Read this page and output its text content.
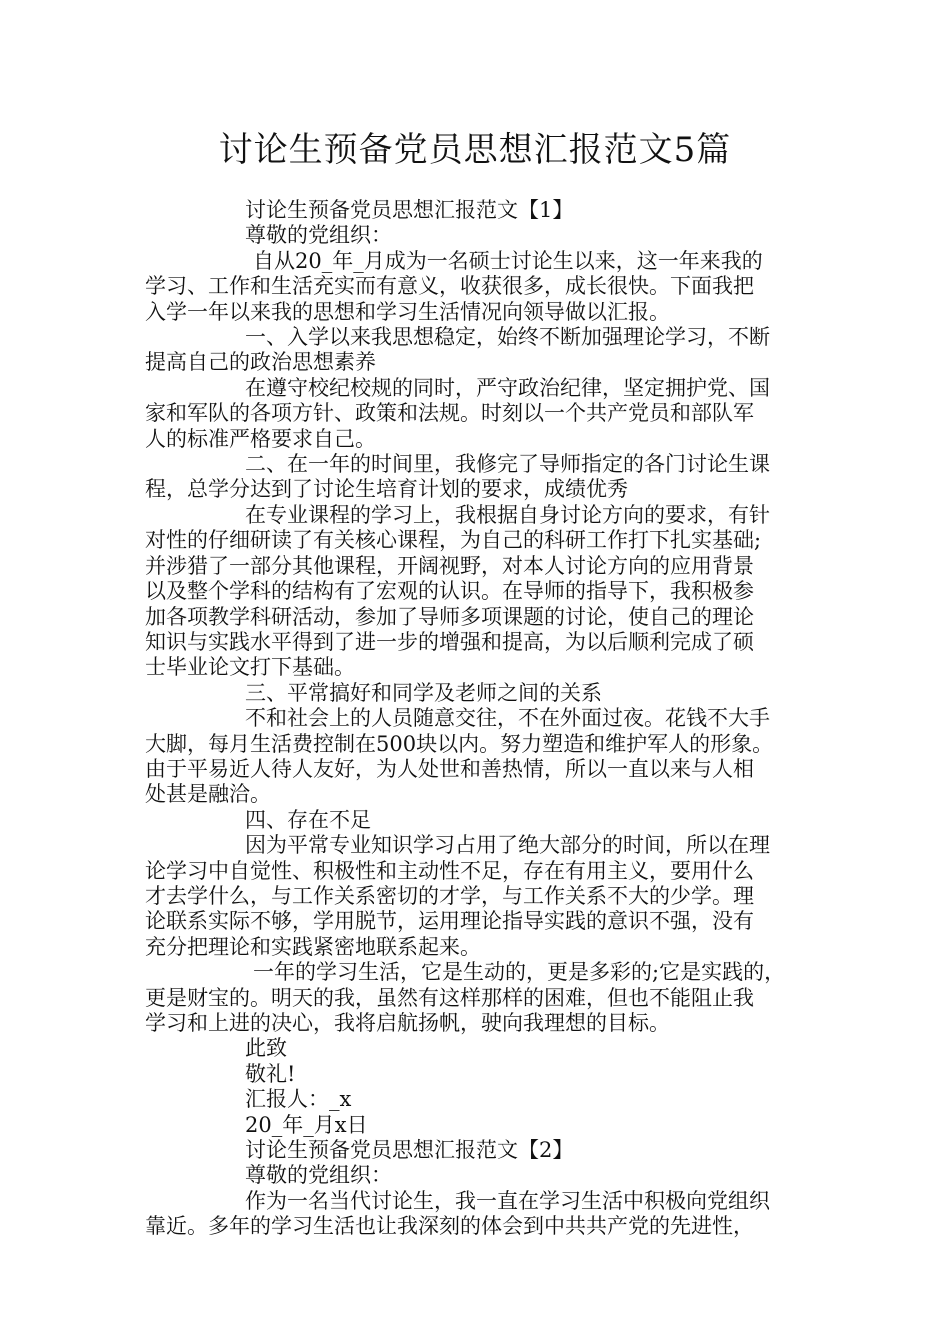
讨论生预备党员思想汇报范文5篇

讨论生预备党员思想汇报范文【1】

尊敬的党组织：

自从20_年_月成为一名硕士讨论生以来，这一年来我的

学习、工作和生活充实而有意义，收获很多，成长很快。下面我把

入学一年以来我的思想和学习生活情况向领导做以汇报。

一、入学以来我思想稳定，始终不断加强理论学习，不断

提高自己的政治思想素养

在遵守校纪校规的同时，严守政治纪律，坚定拥护党、国

家和军队的各项方针、政策和法规。时刻以一个共产党员和部队军

人的标准严格要求自己。

二、在一年的时间里，我修完了导师指定的各门讨论生课

程，总学分达到了讨论生培育计划的要求，成绩优秀

在专业课程的学习上，我根据自身讨论方向的要求，有针

对性的仔细研读了有关核心课程，为自己的科研工作打下扎实基础;

并涉猎了一部分其他课程，开阔视野，对本人讨论方向的应用背景

以及整个学科的结构有了宏观的认识。在导师的指导下，我积极参

加各项教学科研活动，参加了导师多项课题的讨论，使自己的理论

知识与实践水平得到了进一步的增强和提高，为以后顺利完成了硕

士毕业论文打下基础。

三、平常搞好和同学及老师之间的关系

不和社会上的人员随意交往，不在外面过夜。花钱不大手

大脚，每月生活费控制在500块以内。努力塑造和维护军人的形象。

由于平易近人待人友好，为人处世和善热情，所以一直以来与人相

处甚是融洽。

四、存在不足

因为平常专业知识学习占用了绝大部分的时间，所以在理

论学习中自觉性、积极性和主动性不足，存在有用主义，要用什么

才去学什么，与工作关系密切的才学，与工作关系不大的少学。理

论联系实际不够，学用脱节，运用理论指导实践的意识不强，没有

充分把理论和实践紧密地联系起来。

一年的学习生活，它是生动的，更是多彩的;它是实践的，

更是财宝的。明天的我，虽然有这样那样的困难，但也不能阻止我

学习和上进的决心，我将启航扬帆，驶向我理想的目标。

此致

敬礼!

汇报人：_x

20_年_月x日

讨论生预备党员思想汇报范文【2】

尊敬的党组织：

作为一名当代讨论生，我一直在学习生活中积极向党组织

靠近。多年的学习生活也让我深刻的体会到中共共产党的先进性，
